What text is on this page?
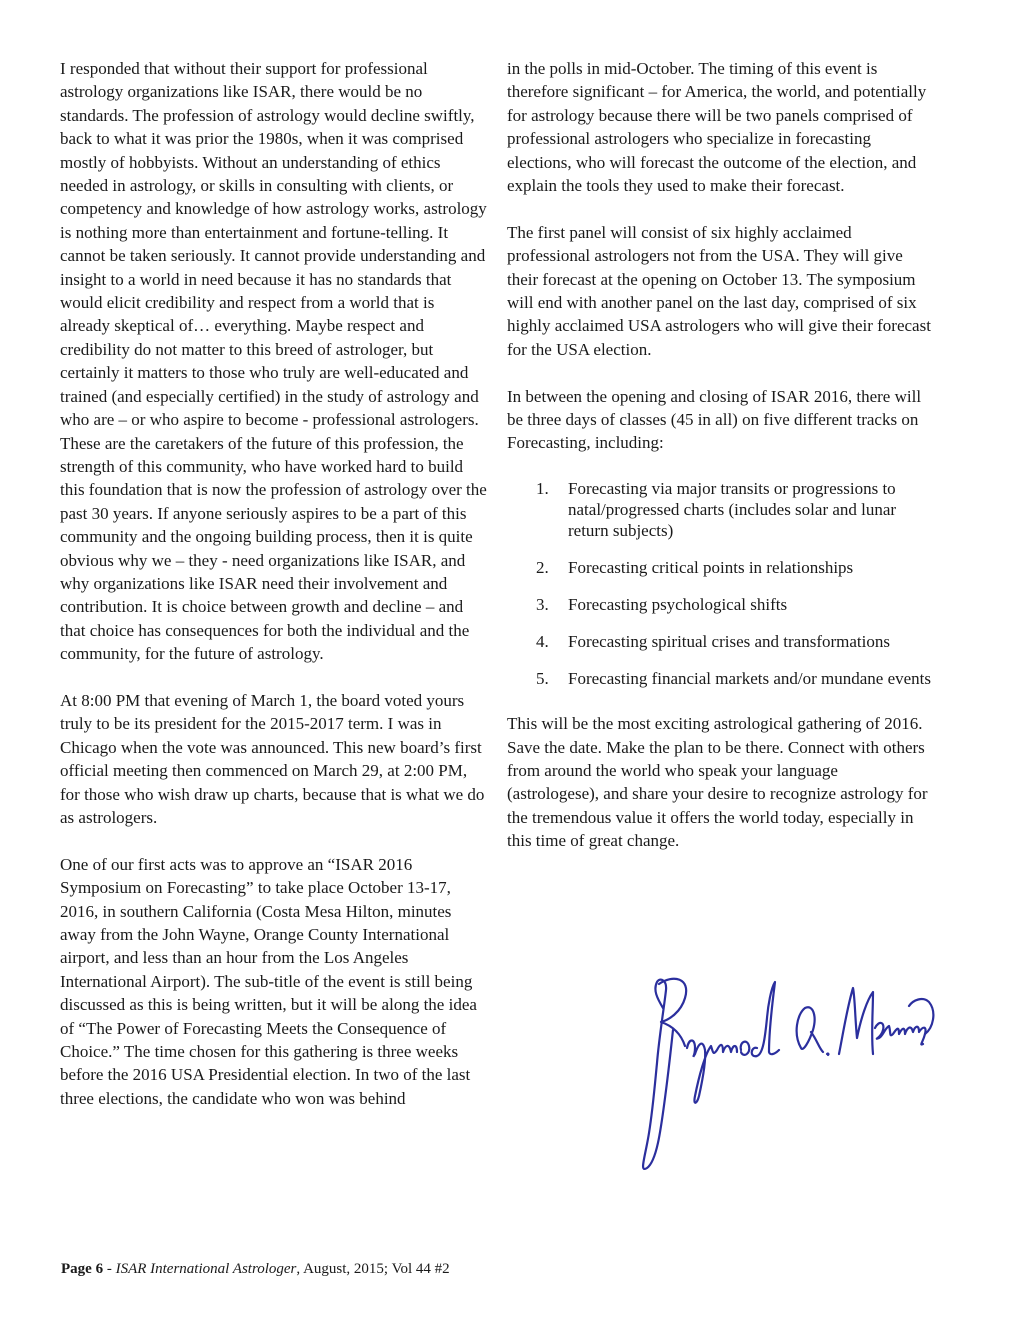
I responded that without their support for professional astrology organizations like ISAR, there would be no standards. The profession of astrology would decline swiftly, back to what it was prior the 1980s, when it was comprised mostly of hobbyists. Without an understanding of ethics needed in astrology, or skills in consulting with clients, or competency and knowledge of how astrology works, astrology is nothing more than entertainment and fortune-telling. It cannot be taken seriously. It cannot provide understanding and insight to a world in need because it has no standards that would elicit credibility and respect from a world that is already skeptical of… everything. Maybe respect and credibility do not matter to this breed of astrologer, but certainly it matters to those who truly are well-educated and trained (and especially certified) in the study of astrology and who are – or who aspire to become - professional astrologers. These are the caretakers of the future of this profession, the strength of this community, who have worked hard to build this foundation that is now the profession of astrology over the past 30 years. If anyone seriously aspires to be a part of this community and the ongoing building process, then it is quite obvious why we – they - need organizations like ISAR, and why organizations like ISAR need their involvement and contribution. It is choice between growth and decline – and that choice has consequences for both the individual and the community, for the future of astrology.

At 8:00 PM that evening of March 1, the board voted yours truly to be its president for the 2015-2017 term. I was in Chicago when the vote was announced. This new board’s first official meeting then commenced on March 29, at 2:00 PM, for those who wish draw up charts, because that is what we do as astrologers.

One of our first acts was to approve an “ISAR 2016 Symposium on Forecasting” to take place October 13-17, 2016, in southern California (Costa Mesa Hilton, minutes away from the John Wayne, Orange County International airport, and less than an hour from the Los Angeles International Airport). The sub-title of the event is still being discussed as this is being written, but it will be along the idea of “The Power of Forecasting Meets the Consequence of Choice.” The time chosen for this gathering is three weeks before the 2016 USA Presidential election. In two of the last three elections, the candidate who won was behind

in the polls in mid-October. The timing of this event is therefore significant – for America, the world, and potentially for astrology because there will be two panels comprised of professional astrologers who specialize in forecasting elections, who will forecast the outcome of the election, and explain the tools they used to make their forecast.

The first panel will consist of six highly acclaimed professional astrologers not from the USA. They will give their forecast at the opening on October 13. The symposium will end with another panel on the last day, comprised of six highly acclaimed USA astrologers who will give their forecast for the USA election.

In between the opening and closing of ISAR 2016, there will be three days of classes (45 in all) on five different tracks on Forecasting, including:

1. Forecasting via major transits or progressions to natal/progressed charts (includes solar and lunar return subjects)
2. Forecasting critical points in relationships
3. Forecasting psychological shifts
4. Forecasting spiritual crises and transformations
5. Forecasting financial markets and/or mundane events

This will be the most exciting astrological gathering of 2016. Save the date. Make the plan to be there. Connect with others from around the world who speak your language (astrologese), and share your desire to recognize astrology for the tremendous value it offers the world today, especially in this time of great change.

Page 6 - ISAR International Astrologer, August, 2015; Vol 44 #2
